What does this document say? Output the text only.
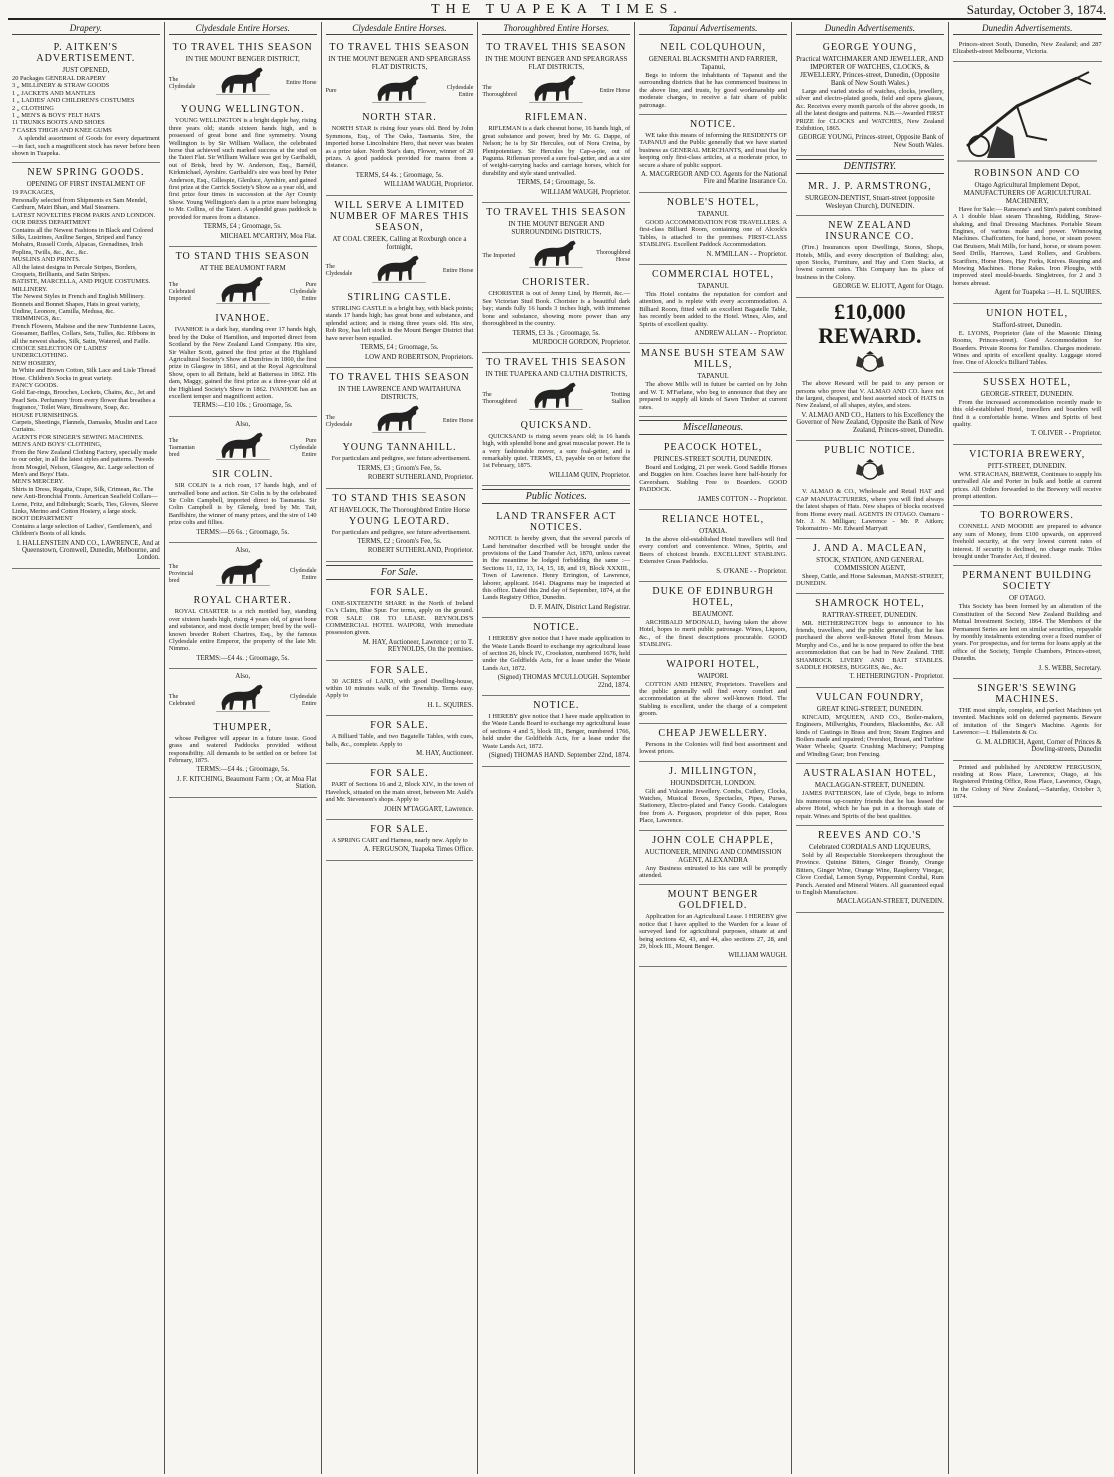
THE TUAPEKA TIMES.	Saturday, October 3, 1874.
Drapery.
P. AITKEN'S ADVERTISEMENT.
JUST OPENED,
20 Packages GENERAL DRAPERY
3 „ MILLINERY & STRAW GOODS
1 „ JACKETS AND MANTLES
1 „ LADIES' AND CHILDREN'S COSTUMES
2 „ CLOTHING
1 „ MEN'S & BOYS' FELT HATS
11 TRUNKS BOOTS AND SHOES
7 CASES THIGH AND KNEE GUMS
A splendid assortment of Goods for every department—in fact, such a magnificent stock has never before been shown in Tuapeka.
NEW SPRING GOODS.
OPENING OF FIRST INSTALMENT OF
19 PACKAGES,
Personally selected from Shipments ex Sam Mendel, Carthurn, Mairi Bhan, and Mail Steamers.
LATEST NOVELTIES FROM PARIS AND LONDON.
OUR DRESS DEPARTMENT
Contains all the Newest Fashions in Black and Colored Silks, Lustrines, Aniline Serges, Striped and Fancy Mohairs, Russell Cords, Alpacas, Grenadines, Irish Poplins, Twills, &c., &c., &c.
MUSLINS AND PRINTS.
All the latest designs in Percale Stripes, Borders, Croquets, Brilliants, and Satin Stripes.
BATISTE, MARCELLA, AND PIQUE COSTUMES.
MILLINERY.
The Newest Styles in French and English Millinery. Bonnets and Bonnet Shapes, Hats in great variety, Undine, Leonore, Camilla, Medusa, &c.
TRIMMINGS, &c.
French Flowers, Maltese and the new Tunisienne Laces, Gossamer, Baffles, Collars, Sets, Tulles, &c. Ribbons in all the newest shades, Silk, Satin, Watered, and Faille.
CHOICE SELECTION OF LADIES' UNDERCLOTHING.
NEW HOSIERY,
In White and Brown Cotton, Silk Lace and Lisle Thread Hose. Children's Socks in great variety.
FANCY GOODS.
Gold Ear-rings, Brooches, Lockets, Chains, &c., Jet and Pearl Sets. Perfumery 'from every flower that breathes a fragrance,' Toilet Ware, Brushware, Soap, &c.
HOUSE FURNISHINGS.
Carpets, Sheetings, Flannels, Damasks, Muslin and Lace Curtains.
AGENTS FOR SINGER'S SEWING MACHINES.
MEN'S AND BOYS' CLOTHING,
From the New Zealand Clothing Factory, specially made to our order, in all the latest styles and patterns. Tweeds from Mosgiel, Nelson, Glasgow, &c. Large selection of Men's and Boys' Hats.
MEN'S MERCERY.
Shirts in Dress, Regatta, Crape, Silk, Crimean, &c. The new Anti-Bronchial Fronts. American Seafield Collars—Lorne, Fritz, and Edinburgh; Scarfs, Ties, Gloves, Sleeve Links, Merino and Cotton Hosiery, a large stock.
BOOT DEPARTMENT
Contains a large selection of Ladies', Gentlemen's, and Children's Boots of all kinds.
I. HALLENSTEIN AND CO., LAWRENCE, And at Queenstown, Cromwell, Dunedin, Melbourne, and London.
Clydesdale Entire Horses.
TO TRAVEL THIS SEASON
IN THE MOUNT BENGER DISTRICT,
The Clydesdale
Entire Horse
YOUNG WELLINGTON.
YOUNG WELLINGTON is a bright dapple bay, rising three years old; stands sixteen hands high, and is possessed of great bone and fine symmetry. Young Wellington is by Sir William Wallace, the celebrated horse that achieved such marked success at the stud on the Taieri Flat. Sir William Wallace was got by Garibaldi, out of Brisk, bred by W. Anderson, Esq., Barnéil, Kirkmichael, Ayrshire. Garibaldi's sire was bred by Peter Anderson, Esq., Gillespie, Glenluce, Ayrshire, and gained first prize at the Carrick Society's Show as a year old, and first prize four times in succession at the Ayr County Show. Young Wellington's dam is a prize mare belonging to Mr. Collins, of the Taieri. A splendid grass paddock is provided for mares from a distance.
TERMS, £4 ; Groomage, 5s.
MICHAEL M'CARTHY, Moa Flat.
TO STAND THIS SEASON
AT THE BEAUMONT FARM
The Celebrated Imported
Pure Clydesdale Entire
IVANHOE.
IVANHOE is a dark bay, standing over 17 hands high, bred by the Duke of Hamilton, and imported direct from Scotland by the New Zealand Land Company. His sire, Sir Walter Scott, gained the first prize at the Highland Agricultural Society's Show at Dumfries in 1860, the first prize in Glasgow in 1861, and at the Royal Agricultural Show, open to all Britain, held at Battersea in 1862. His dam, Maggy, gained the first prize as a three-year old at the Highland Society's Show in 1862. IVANHOE has an excellent temper and magnificent action.
TERMS:—£10 10s. ; Groomage, 5s.
Also,
The Tasmanian bred
Pure Clydesdale Entire
SIR COLIN.
SIR COLIN is a rich roan, 17 hands high, and of unrivalled bone and action. Sir Colin is by the celebrated Sir Colin Campbell, imported direct to Tasmania. Sir Colin Campbell is by Glenelg, bred by Mr. Tait, Banffshire, the winner of many prizes, and the sire of 140 prize colts and fillies.
TERMS:—£6 6s. ; Groomage, 5s.
Also,
The Provincial bred
Clydesdale Entire
ROYAL CHARTER.
ROYAL CHARTER is a rich mottled bay, standing over sixteen hands high, rising 4 years old, of great bone and substance, and most docile temper; bred by the well-known breeder Robert Chartres, Esq., by the famous Clydesdale entire Emperor, the property of the late Mr. Nimmo.
TERMS:—£4 4s. ; Groomage, 5s.
Also,
The Celebrated
Clydesdale Entire
THUMPER,
whose Pedigree will appear in a future issue. Good grass and watered Paddocks provided without responsibility. All demands to be settled on or before 1st February, 1875.
TERMS:—£4 4s. ; Groomage, 5s.
J. F. KITCHING, Beaumont Farm ; Or, at Moa Flat Station.
Clydesdale Entire Horses.
TO TRAVEL THIS SEASON
IN THE MOUNT BENGER AND SPEARGRASS FLAT DISTRICTS,
Pure
Clydesdale Entire
NORTH STAR.
NORTH STAR is rising four years old. Bred by John Symmons, Esq., of The Oaks, Tasmania. Sire, the imported horse Lincolnshire Hero, that never was beaten as a prize taker. North Star's dam, Flower, winner of 20 prizes. A good paddock provided for mares from a distance.
TERMS, £4 4s. ; Groomage, 5s.
WILLIAM WAUGH, Proprietor.
WILL SERVE A LIMITED NUMBER OF MARES THIS SEASON,
AT COAL CREEK, Calling at Roxburgh once a fortnight,
The Clydesdale
Entire Horse
STIRLING CASTLE.
STIRLING CASTLE is a bright bay, with black points; stands 17 hands high; has great bone and substance, and splendid action; and is rising three years old. His sire, Rob Roy, has left stock in the Mount Benger District that have never been equalled.
TERMS, £4 ; Groomage, 5s.
LOW AND ROBERTSON, Proprietors.
TO TRAVEL THIS SEASON
IN THE LAWRENCE AND WAITAHUNA DISTRICTS,
The Clydesdale
Entire Horse
YOUNG TANNAHILL.
For particulars and pedigree, see future advertisement.
TERMS, £3 ; Groom's Fee, 5s.
ROBERT SUTHERLAND, Proprietor.
TO STAND THIS SEASON
AT HAVELOCK, The Thoroughbred Entire Horse
YOUNG LEOTARD.
For particulars and pedigree, see future advertisement.
TERMS, £2 ; Groom's Fee, 5s.
ROBERT SUTHERLAND, Proprietor.
For Sale.
FOR SALE.
ONE-SIXTEENTH SHARE in the North of Ireland Co.'s Claim, Blue Spur. For terms, apply on the ground. FOR SALE OR TO LEASE. REYNOLDS'S COMMERCIAL HOTEL WAIPORI, With immediate possession given.
M. HAY, Auctioneer, Lawrence ; or to T. REYNOLDS, On the premises.
FOR SALE.
30 ACRES of LAND, with good Dwelling-house, within 10 minutes walk of the Township. Terms easy. Apply to
H. L. SQUIRES.
FOR SALE.
A Billiard Table, and two Bagatelle Tables, with cues, balls, &c., complete. Apply to
M. HAY, Auctioneer.
FOR SALE.
PART of Sections 16 and 2, Block XIV., in the town of Havelock, situated on the main street, between Mr. Auld's and Mr. Stevenson's shops. Apply to
JOHN M'TAGGART, Lawrence.
FOR SALE.
A SPRING CART and Harness, nearly new. Apply to
A. FERGUSON, Tuapeka Times Office.
Thoroughbred Entire Horses.
TO TRAVEL THIS SEASON
IN THE MOUNT BENGER AND SPEARGRASS FLAT DISTRICTS,
The Thoroughbred
Entire Horse
RIFLEMAN.
RIFLEMAN is a dark chesnut horse, 16 hands high, of great substance and power, bred by Mr. G. Dappe, of Nelson; he is by Sir Hercules, out of Nora Creina, by Plenipotentiary. Sir Hercules by Cap-a-pie, out of Pagunta. Rifleman proved a sure foal-getter, and as a sire of weight-carrying hacks and carriage horses, which for durability and style stand unrivalled.
TERMS, £4 ; Groomage, 5s.
WILLIAM WAUGH, Proprietor.
TO TRAVEL THIS SEASON
IN THE MOUNT BENGER AND SURROUNDING DISTRICTS,
The Imported
Thoroughbred Horse
CHORISTER.
CHORISTER is out of Jenny Lind, by Hermit, &c.—See Victorian Stud Book. Chorister is a beautiful dark bay; stands fully 16 hands 3 inches high, with immense bone and substance, showing more power than any thoroughbred in the country.
TERMS, £3 3s. ; Groomage, 5s.
MURDOCH GORDON, Proprietor.
TO TRAVEL THIS SEASON
IN THE TUAPEKA AND CLUTHA DISTRICTS,
The Thoroughbred
Trotting Stallion
QUICKSAND.
QUICKSAND is rising seven years old; is 16 hands high, with splendid bone and great muscular power. He is a very fashionable mover, a sure foal-getter, and is remarkably quiet. TERMS, £3, payable on or before the 1st February, 1875.
WILLIAM QUIN, Proprietor.
Public Notices.
LAND TRANSFER ACT NOTICES.
NOTICE is hereby given, that the several parcels of Land hereinafter described will be brought under the provisions of the Land Transfer Act, 1870, unless caveat in the meantime be lodged forbidding the same :— Sections 11, 12, 13, 14, 15, 18, and 19, Block XXXIII., Town of Lawrence. Henry Errington, of Lawrence, laborer, applicant. 1641. Diagrams may be inspected at this office. Dated this 2nd day of September, 1874, at the Lands Registry Office, Dunedin.
D. F. MAIN, District Land Registrar.
NOTICE.
I HEREBY give notice that I have made application to the Waste Lands Board to exchange my agricultural lease of section 26, block IV., Crookston, numbered 1676, held under the Goldfields Acts, for a lease under the Waste Lands Act, 1872.
(Signed) THOMAS M'CULLOUGH. September 22nd, 1874.
NOTICE.
I HEREBY give notice that I have made application to the Waste Lands Board to exchange my agricultural lease of sections 4 and 5, block III., Benger, numbered 1766, held under the Goldfields Acts, for a lease under the Waste Lands Act, 1872.
(Signed) THOMAS HAND. September 22nd, 1874.
Tapanui Advertisements.
NEIL COLQUHOUN,
GENERAL BLACKSMITH AND FARRIER, Tapanui,
Begs to inform the inhabitants of Tapanui and the surrounding districts that he has commenced business in the above line, and trusts, by good workmanship and moderate charges, to receive a fair share of public patronage.
NOTICE.
WE take this means of informing the RESIDENTS OF TAPANUI and the Public generally that we have started business as GENERAL MERCHANTS, and trust that by keeping only first-class articles, at a moderate price, to secure a share of public support.
A. MACGREGOR AND CO. Agents for the National Fire and Marine Insurance Co.
NOBLE'S HOTEL,
TAPANUI.
GOOD ACCOMMODATION FOR TRAVELLERS. A first-class Billiard Room, containing one of Alcock's Tables, is attached to the premises. FIRST-CLASS STABLING. Excellent Paddock Accommodation.
N. M'MILLAN - - Proprietor.
COMMERCIAL HOTEL,
TAPANUI.
This Hotel contains the reputation for comfort and attention, and is replete with every accommodation. A Billiard Room, fitted with an excellent Bagatelle Table, has recently been added to the Hotel. Wines, Ales, and Spirits of excellent quality.
ANDREW ALLAN - - Proprietor.
MANSE BUSH STEAM SAW MILLS,
TAPANUI.
The above Mills will in future be carried on by John and W. T. M'Farlane, who beg to announce that they are prepared to supply all kinds of Sawn Timber at current rates.
Miscellaneous.
PEACOCK HOTEL,
PRINCES-STREET SOUTH, DUNEDIN.
Board and Lodging, 21 per week. Good Saddle Horses and Buggies on hire. Coaches leave here half-hourly for Caversham. Stabling Free to Boarders. GOOD PADDOCK.
JAMES COTTON - - Proprietor.
RELIANCE HOTEL,
OTAKIA.
In the above old-established Hotel travellers will find every comfort and convenience. Wines, Spirits, and Beers of choicest brands. EXCELLENT STABLING. Extensive Grass Paddocks.
S. O'KANE - - Proprietor.
DUKE OF EDINBURGH HOTEL,
BEAUMONT.
ARCHIBALD M'DONALD, having taken the above Hotel, hopes to merit public patronage. Wines, Liquors, &c., of the finest descriptions procurable. GOOD STABLING.
WAIPORI HOTEL,
WAIPORI.
COTTON AND HENRY, Proprietors. Travellers and the public generally will find every comfort and accommodation at the above well-known Hotel. The Stabling is excellent, under the charge of a competent groom.
CHEAP JEWELLERY.
Persons in the Colonies will find best assortment and lowest prices.
J. MILLINGTON,
HOUNDSDITCH, LONDON.
Gilt and Vulcanite Jewellery. Combs, Cutlery, Clocks, Watches, Musical Boxes, Spectacles, Pipes, Purses, Stationery, Electro-plated and Fancy Goods. Catalogues free from A. Ferguson, proprietor of this paper, Ross Place, Lawrence.
JOHN COLE CHAPPLE,
AUCTIONEER, MINING AND COMMISSION AGENT, ALEXANDRA
Any Business entrusted to his care will be promptly attended.
MOUNT BENGER GOLDFIELD.
Application for an Agricultural Lease. I HEREBY give notice that I have applied to the Warden for a lease of surveyed land for agricultural purposes, situate at and being sections 42, 43, and 44, also sections 27, 28, and 29, block III., Mount Benger.
WILLIAM WAUGH.
Dunedin Advertisements.
GEORGE YOUNG,
Practical WATCHMAKER AND JEWELLER, AND IMPORTER OF WATCHES, CLOCKS, & JEWELLERY, Princes-street, Dunedin, (Opposite Bank of New South Wales.)
Large and varied stocks of watches, clocks, jewellery, silver and electro-plated goods, field and opera glasses, &c. Receives every month parcels of the above goods, in all the latest designs and patterns. N.B.—Awarded FIRST PRIZE for CLOCKS and WATCHES, New Zealand Exhibition, 1865.
GEORGE YOUNG, Princes-street, Opposite Bank of New South Wales.
DENTISTRY.
MR. J. P. ARMSTRONG,
SURGEON-DENTIST, Stuart-street (opposite Wesleyan Church), DUNEDIN.
NEW ZEALAND INSURANCE CO.
(Fire.) Insurances upon Dwellings, Stores, Shops, Hotels, Mills, and every description of Building; also, upon Stocks, Furniture, and Hay and Corn Stacks, at lowest current rates. This Company has its place of business in the Colony.
GEORGE W. ELIOTT, Agent for Otago.
£10,000 REWARD.
The above Reward will be paid to any person or persons who prove that V. ALMAO AND CO. have not the largest, cheapest, and best assorted stock of HATS in New Zealand, of all shapes, styles, and sizes.
V. ALMAO AND CO., Hatters to his Excellency the Governor of New Zealand, Opposite the Bank of New Zealand, Princes-street, Dunedin.
PUBLIC NOTICE.
V. ALMAO & CO., Wholesale and Retail HAT and CAP MANUFACTURERS, where you will find always the latest shapes of Hats. New shapes of blocks received from Home every mail. AGENTS IN OTAGO. Oamaru - Mr. J. N. Milligan; Lawrence - Mr. P. Aitken; Tokomairiro - Mr. Edward Marryatt
J. AND A. MACLEAN,
STOCK, STATION, AND GENERAL COMMISSION AGENT,
Sheep, Cattle, and Horse Salesman, MANSE-STREET, DUNEDIN.
SHAMROCK HOTEL,
RATTRAY-STREET, DUNEDIN.
MR. HETHERINGTON begs to announce to his friends, travellers, and the public generally, that he has purchased the above well-known Hotel from Messrs. Murphy and Co., and he is now prepared to offer the best accommodation that can be had in New Zealand. THE SHAMROCK LIVERY AND BAIT STABLES. SADDLE HORSES, BUGGIES, &c., &c.
T. HETHERINGTON - Proprietor.
VULCAN FOUNDRY,
GREAT KING-STREET, DUNEDIN.
KINCAID, M'QUEEN, AND CO., Boiler-makers, Engineers, Millwrights, Founders, Blacksmiths, &c. All kinds of Castings in Brass and Iron; Steam Engines and Boilers made and repaired; Overshot, Breast, and Turbine Water Wheels; Quartz Crushing Machinery; Pumping and Winding Gear; Iron Fencing.
AUSTRALASIAN HOTEL,
MACLAGGAN-STREET, DUNEDIN.
JAMES PATTERSON, late of Clyde, begs to inform his numerous up-country friends that he has leased the above Hotel, which he has put in a thorough state of repair. Wines and Spirits of the best qualities.
REEVES AND CO.'S
Celebrated CORDIALS AND LIQUEURS,
Sold by all Respectable Storekeepers throughout the Province. Quinine Bitters, Ginger Brandy, Orange Bitters, Ginger Wine, Orange Wine, Raspberry Vinegar, Clove Cordial, Lemon Syrup, Peppermint Cordial, Rum Punch. Aerated and Mineral Waters. All guaranteed equal to English Manufacture.
MACLAGGAN-STREET, DUNEDIN.
Dunedin Advertisements.
Princes-street South, Dunedin, New Zealand; and 287 Elizabeth-street Melbourne, Victoria.
ROBINSON AND CO
Otago Agricultural Implement Depot, MANUFACTURERS OF AGRICULTURAL MACHINERY,
Have for Sale:— Ransome's and Sim's patent combined A 1 double blast steam Thrashing, Riddling, Straw-shaking, and final Dressing Machines. Portable Steam Engines, of various make and power. Winnowing Machines. Chaffcutters, for hand, horse, or steam power. Oat Bruisers, Malt Mills, for hand, horse, or steam power. Seed Drills, Harrows, Land Rollers, and Grubbers. Scarifiers, Horse Hoes, Hay Forks, Knives. Reaping and Mowing Machines. Horse Rakes. Iron Ploughs, with improved steel mould-boards. Singletrees, for 2 and 3 horses abreast.
Agent for Tuapeka :—H. L. SQUIRES.
UNION HOTEL,
Stafford-street, Dunedin.
E. LYONS, Proprietor (late of the Masonic Dining Rooms, Princes-street). Good Accommodation for Boarders. Private Rooms for Families. Charges moderate. Wines and spirits of excellent quality. Luggage stored free. One of Alcock's Billiard Tables.
SUSSEX HOTEL,
GEORGE-STREET, DUNEDIN.
From the increased accommodation recently made to this old-established Hotel, travellers and boarders will find it a comfortable home. Wines and Spirits of best quality.
T. OLIVER - - Proprietor.
VICTORIA BREWERY,
PITT-STREET, DUNEDIN.
WM. STRACHAN, BREWER, Continues to supply his unrivalled Ale and Porter in bulk and bottle at current prices. All Orders forwarded to the Brewery will receive prompt attention.
TO BORROWERS.
CONNELL AND MOODIE are prepared to advance any sum of Money, from £100 upwards, on approved freehold security, at the very lowest current rates of interest. If security is declined, no charge made. Titles brought under Transfer Act, if desired.
PERMANENT BUILDING SOCIETY
OF OTAGO.
This Society has been formed by an alteration of the Constitution of the Second New Zealand Building and Mutual Investment Society, 1864. The Members of the Permanent Series are lent on similar securities, repayable by monthly instalments extending over a fixed number of years. For prospectus, and for terms for loans apply at the office of the Society, Temple Chambers, Princes-street, Dunedin.
J. S. WEBB, Secretary.
SINGER'S SEWING MACHINES.
THE most simple, complete, and perfect Machines yet invented. Machines sold on deferred payments. Beware of imitation of the Singer's Machine. Agents for Lawrence:—I. Hallenstein & Co.
G. M. ALDRICH, Agent, Corner of Princes & Dowling-streets, Dunedin
Printed and published by ANDREW FERGUSON, residing at Ross Place, Lawrence, Otago, at his Registered Printing Office, Ross Place, Lawrence, Otago, in the Colony of New Zealand,—Saturday, October 3, 1874.
